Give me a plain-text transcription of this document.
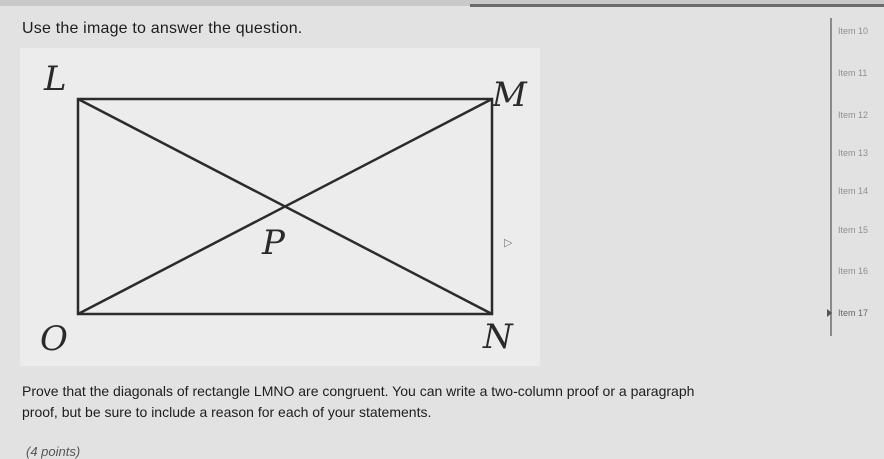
Use the image to answer the question.
L	M
P
O	N
▷
Prove that the diagonals of rectangle LMNO are congruent. You can write a two-column proof or a paragraph
proof, but be sure to include a reason for each of your statements.
(4 points)
Item 10
Item 11
Item 12
Item 13
Item 14
Item 15
Item 16
Item 17
